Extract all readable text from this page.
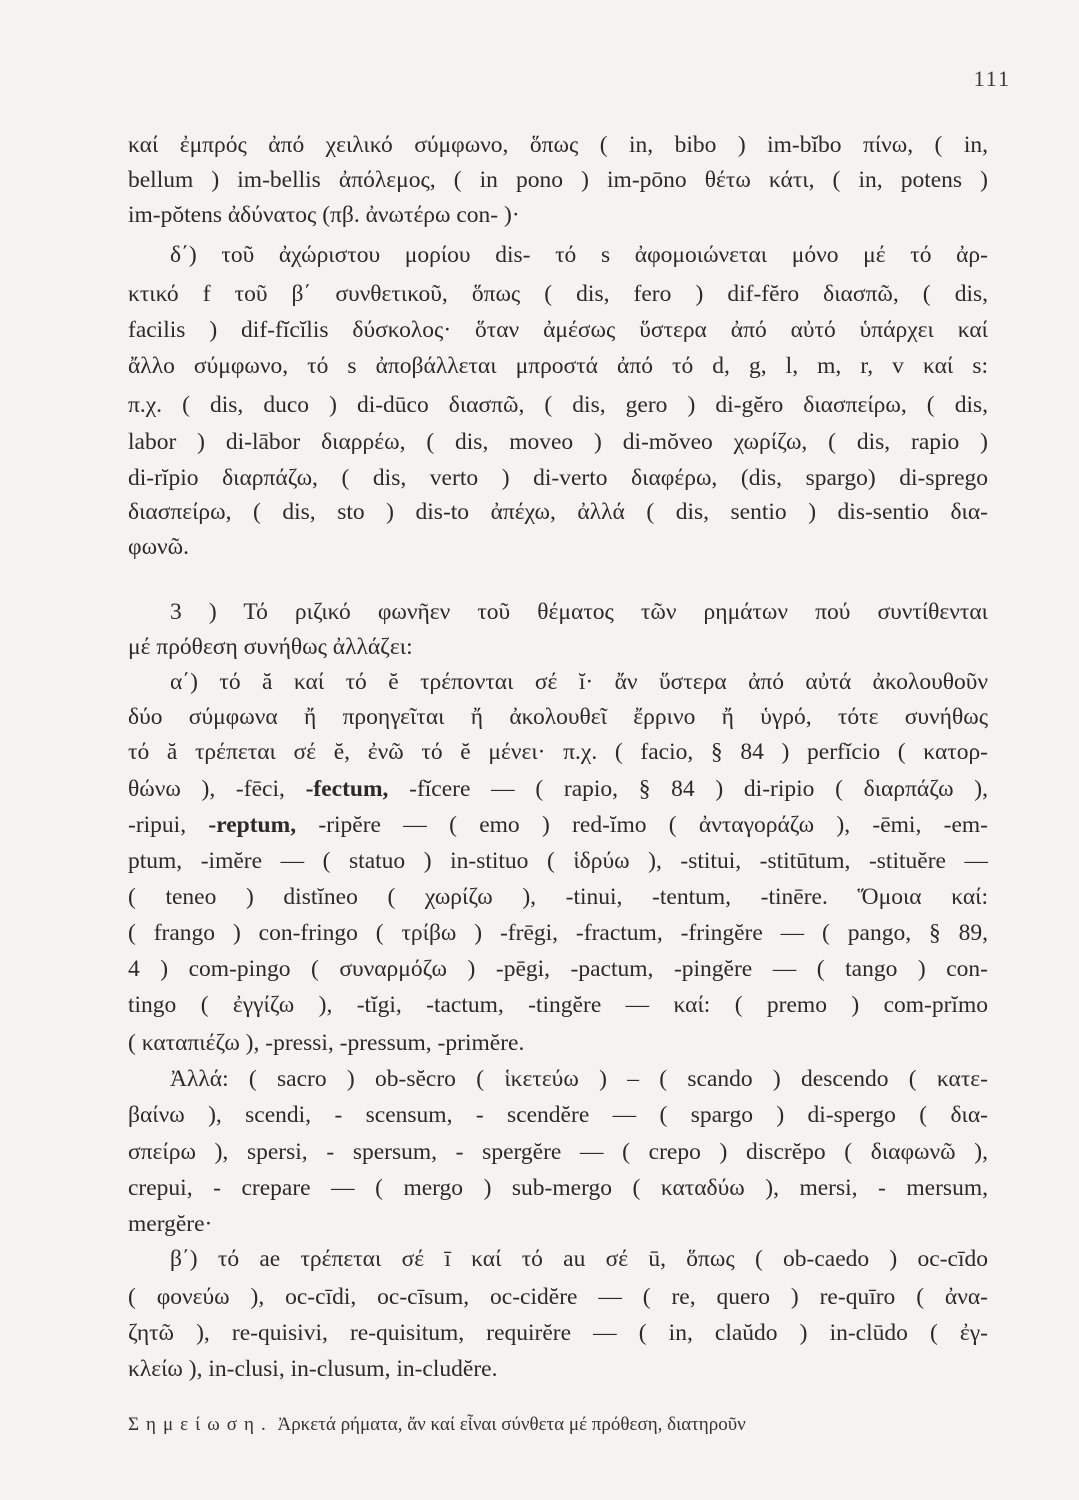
111
καί ἐμπρός ἀπό χειλικό σύμφωνο, ὅπως ( in, bibo ) im-bĭbo πίνω, ( in,
bellum ) im-bellis ἀπόλεμος, ( in pono ) im-pōno θέτω κάτι, ( in, potens )
im-pŏtens ἀδύνατος (πβ. ἀνωτέρω con- )·
δ΄) τοῦ ἀχώριστου μορίου dis- τό s ἀφομοιώνεται μόνο μέ τό ἀρ-
κτικό f τοῦ β΄ συνθετικοῦ, ὅπως ( dis, fero ) dif-fĕro διασπῶ, ( dis,
facilis ) dif-fĭcĭlis δύσκολος· ὅταν ἀμέσως ὕστερα ἀπό αὐτό ὑπάρχει καί
ἄλλο σύμφωνο, τό s ἀποβάλλεται μπροστά ἀπό τό d, g, l, m, r, v καί s:
π.χ. ( dis, duco ) di-dūco διασπῶ, ( dis, gero ) di-gĕro διασπείρω, ( dis,
labor ) di-lābor διαρρέω, ( dis, moveo ) di-mŏveo χωρίζω, ( dis, rapio )
di-rĭpio διαρπάζω, ( dis, verto ) di-verto διαφέρω, (dis, spargo) di-sprego
διασπείρω, ( dis, sto ) dis-to ἀπέχω, ἀλλά ( dis, sentio ) dis-sentio δια-
φωνῶ.
3 ) Τό ριζικό φωνῆεν τοῦ θέματος τῶν ρημάτων πού συντίθενται
μέ πρόθεση συνήθως ἀλλάζει:
α΄) τό ă καί τό ĕ τρέπονται σέ ĭ· ἄν ὕστερα ἀπό αὐτά ἀκολουθοῦν
δύο σύμφωνα ἤ προηγεῖται ἤ ἀκολουθεῖ ἔρρινο ἤ ὑγρό, τότε συνήθως
τό ă τρέπεται σέ ĕ, ἐνῶ τό ĕ μένει· π.χ. ( facio, § 84 ) perfĭcio ( κατορ-
θώνω ), -fēci, -fectum, -fĭcere — ( rapio, § 84 ) di-ripio ( διαρπάζω ),
-ripui, -reptum, -ripĕre — ( emo ) red-ĭmo ( ἀνταγοράζω ), -ēmi, -em-
ptum, -imĕre — ( statuo ) in-stituo ( ἱδρύω ), -stitui, -stitūtum, -stituĕre —
( teneo ) distĭneo ( χωρίζω ), -tinui, -tentum, -tinēre. Ὅμοια καί:
( frango ) con-fringo ( τρίβω ) -frēgi, -fractum, -fringĕre — ( pango, § 89,
4 ) com-pingo ( συναρμόζω ) -pēgi, -pactum, -pingĕre — ( tango ) con-
tingo ( ἐγγίζω ), -tĭgi, -tactum, -tingĕre — καί: ( premo ) com-prĭmo
( καταπιέζω ), -pressi, -pressum, -primĕre.
Ἀλλά: ( sacro ) ob-sĕcro ( ἱκετεύω ) – ( scando ) descendo ( κατε-
βαίνω ), scendi, - scensum, - scendĕre — ( spargo ) di-spergo ( δια-
σπείρω ), spersi, - spersum, - spergĕre — ( crepo ) discrĕpo ( διαφωνῶ ),
crepui, - crepare — ( mergo ) sub-mergo ( καταδύω ), mersi, - mersum,
mergĕre·
β΄) τό ae τρέπεται σέ ī καί τό au σέ ū, ὅπως ( ob-caedo ) oc-cīdo
( φονεύω ), oc-cīdi, oc-cīsum, oc-cidĕre — ( re, quero ) re-quīro ( ἀνα-
ζητῶ ), re-quisivi, re-quisitum, requirĕre — ( in, claŭdo ) in-clūdo ( ἐγ-
κλείω ), in-clusi, in-clusum, in-cludĕre.
Σημείωση. Ἀρκετά ρήματα, ἄν καί εἶναι σύνθετα μέ πρόθεση, διατηροῦν
